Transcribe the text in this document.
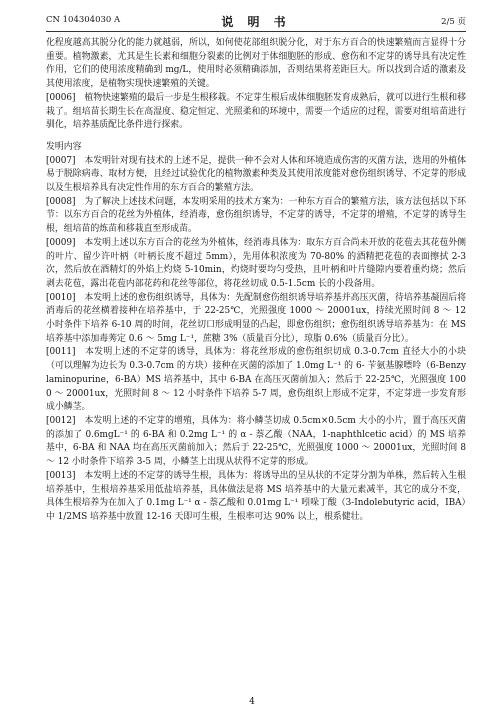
CN 104304030 A	说 明 书	2/5 页

化程度越高其脱分化的能力就越弱，所以，如何使花部组织脱分化，对于东方百合的快速繁殖而言显得十分重要。植物激素，尤其是生长素和细胞分裂素的比例对于体细胞胚的形成、愈伤和不定芽的诱导具有决定性作用，它们的使用浓度精确到 mg/L，使用时必须精确添加，否则结果将差距巨大。所以找到合适的激素及其使用浓度，是植物实现快速繁殖的关键。

[0006]　植物快速繁殖的最后一步是生根移栽。不定芽生根后成体细胞胚发育成熟后，就可以进行生根和移栽了。组培苗长期生长在高湿度、稳定恒定、光照柔和的环境中，需要一个适应的过程，需要对组培苗进行驯化，培养基质配比条件进行探索。

发明内容

[0007]　本发明针对现有技术的上述不足，提供一种不会对人体和环境造成伤害的灭菌方法，选用的外植体易于脱除病毒、取材方便，且经过试验优化的植物激素种类及其使用浓度能对愈伤组织诱导、不定芽的形成以及生根培养具有决定性作用的东方百合的繁殖方法。

[0008]　为了解决上述技术问题，本发明采用的技术方案为：一种东方百合的繁殖方法，该方法包括以下环节：以东方百合的花丝为外植体，经消毒，愈伤组织诱导，不定芽的诱导，不定芽的增殖，不定芽的诱导生根，组培苗的炼苗和移栽直至形成苗。

[0009]　本发明上述以东方百合的花丝为外植体，经消毒具体为：取东方百合尚未开放的花苞去其花苞外侧的叶片、留少许叶柄（叶柄长度不超过 5mm），先用体积浓度为 70-80% 的酒精把花苞的表面擦拭 2-3 次，然后放在酒精灯的外焰上灼烧 5-10min，灼烧时要均匀受热，且叶柄和叶片缝隙内要着重灼烧；然后剥去花苞，露出花苞内部花药和花丝等部位，将花丝切成 0.5-1.5cm 长的小段备用。

[0010]　本发明上述的愈伤组织诱导，具体为：先配制愈伤组织诱导培养基并高压灭菌，待培养基凝固后将消毒后的花丝横着接种在培养基中，于 22-25℃，光照强度 1000 ～ 20001ux，持续光照时间 8 ～ 12 小时条件下培养 6-10 周的时间，花丝切口形成明显的凸起，即愈伤组织；愈伤组织诱导培养基为：在 MS 培养基中添加毒莠定 0.6 ～ 5mg L⁻¹，蔗糖 3%（质量百分比），琼脂 0.6%（质量百分比）。

[0011]　本发明上述的不定芽的诱导，具体为：将花丝形成的愈伤组织切成 0.3-0.7cm 直径大小的小块（可以理解为边长为 0.3-0.7cm 的方块）接种在灭菌的添加了 1.0mg L⁻¹ 的 6- 苄氨基腺嘌呤（6-Benzylaminopurine，6-BA）MS 培养基中，其中 6-BA 在高压灭菌前加入；然后于 22-25℃，光照强度 1000 ～ 20001ux，光照时间 8 ～ 12 小时条件下培养 5-7 周，愈伤组织上形成不定芽，不定芽进一步发育形成小鳞茎。

[0012]　本发明上述的不定芽的增殖，具体为：将小鳞茎切成 0.5cm×0.5cm 大小的小片，置于高压灭菌的添加了 0.6mgL⁻¹ 的 6-BA 和 0.2mg L⁻¹ 的 α - 萘乙酸（NAA，1-naphthlcetic acid）的 MS 培养基中，6-BA 和 NAA 均在高压灭菌前加入；然后于 22-25℃，光照强度 1000 ～ 20001ux，光照时间 8 ～ 12 小时条件下培养 3-5 周，小鳞茎上出现从状得不定芽的形成。

[0013]　本发明上述的不定芽的诱导生根，具体为：将诱导出的呈从状的不定芽分割为单株，然后转入生根培养基中，生根培养基采用低盐培养基，具体做法是将 MS 培养基中的大量元素减半，其它的成分不变，具体生根培养为在加入了 0.1mg L⁻¹ α - 萘乙酸和 0.01mg L⁻¹ 吲哚丁酸（3-Indolebutyric acid，IBA）中 1/2MS 培养基中放置 12-16 天即可生根，生根率可达 90% 以上，根系健壮。

4
